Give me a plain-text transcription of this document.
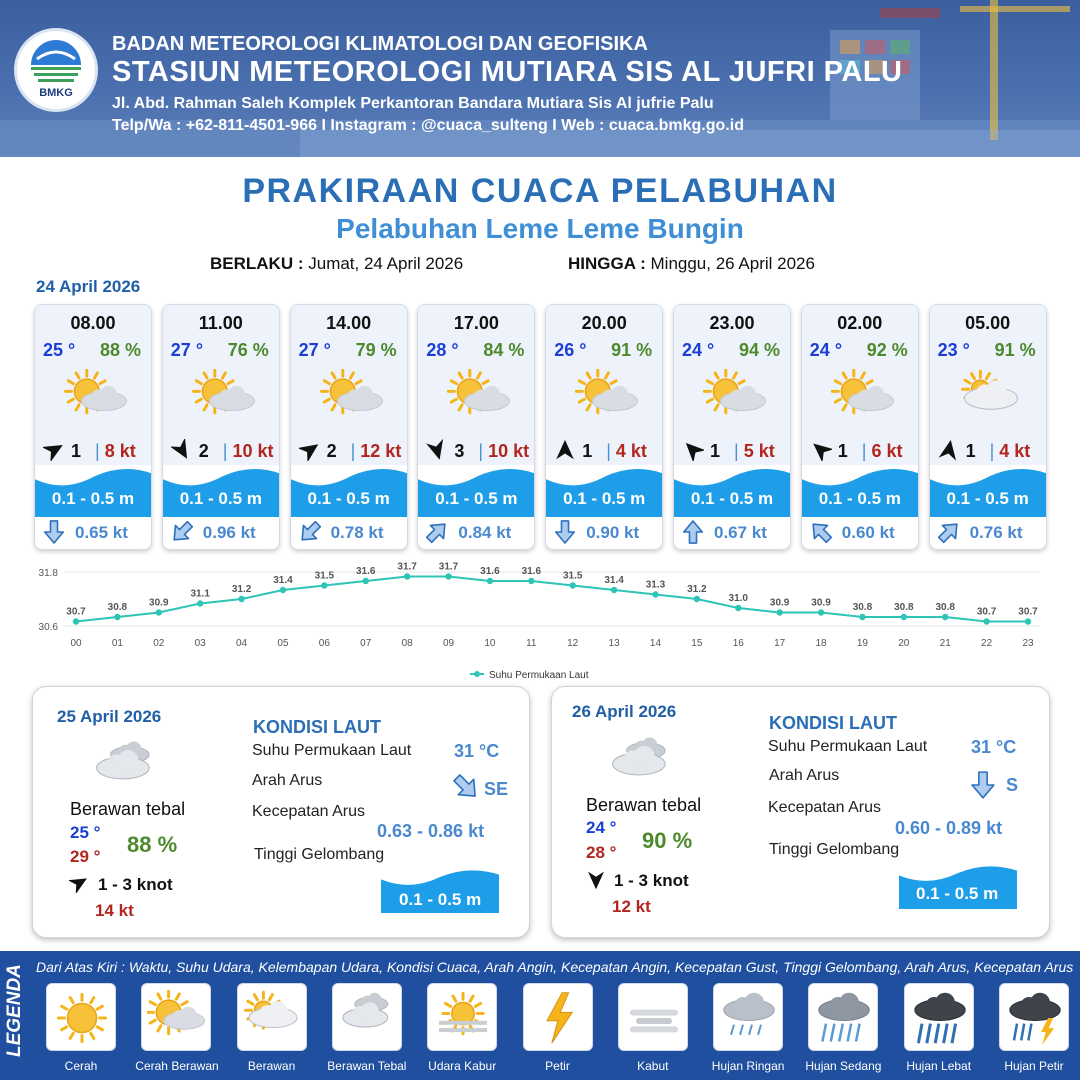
BMKG
BADAN METEOROLOGI KLIMATOLOGI DAN GEOFISIKA
STASIUN METEOROLOGI MUTIARA SIS AL JUFRI PALU
Jl. Abd. Rahman Saleh Komplek Perkantoran Bandara Mutiara Sis Al jufrie Palu
Telp/Wa : +62-811-4501-966 I Instagram : @cuaca_sulteng I Web : cuaca.bmkg.go.id
PRAKIRAAN CUACA PELABUHAN
Pelabuhan Leme Leme Bungin
BERLAKU : Jumat, 24 April 2026	HINGGA : Minggu, 26 April 2026
24 April 2026
08.00
25 ° 88 %
1 | 8 kt
0.1 - 0.5 m
0.65 kt
11.00
27 ° 76 %
2 | 10 kt
0.1 - 0.5 m
0.96 kt
14.00
27 ° 79 %
2 | 12 kt
0.1 - 0.5 m
0.78 kt
17.00
28 ° 84 %
3 | 10 kt
0.1 - 0.5 m
0.84 kt
20.00
26 ° 91 %
1 | 4 kt
0.1 - 0.5 m
0.90 kt
23.00
24 ° 94 %
1 | 5 kt
0.1 - 0.5 m
0.67 kt
02.00
24 ° 92 %
1 | 6 kt
0.1 - 0.5 m
0.60 kt
05.00
23 ° 91 %
1 | 4 kt
0.1 - 0.5 m
0.76 kt
31.8
30.6
30.7
00
30.8
01
30.9
02
31.1
03
31.2
04
31.4
05
31.5
06
31.6
07
31.7
08
31.7
09
31.6
10
31.6
11
31.5
12
31.4
13
31.3
14
31.2
15
31.0
16
30.9
17
30.9
18
30.8
19
30.8
20
30.8
21
30.7
22
30.7
23
Suhu Permukaan Laut
25 April 2026
Berawan tebal
25 °
29 ° 88 %
1 - 3 knot
14 kt
KONDISI LAUT
Suhu Permukaan Laut 31 °C
Arah Arus	SE
Kecepatan Arus
0.63 - 0.86 kt
Tinggi Gelombang
0.1 - 0.5 m
26 April 2026
Berawan tebal
24 °
28 ° 90 %
1 - 3 knot
12 kt
KONDISI LAUT
Suhu Permukaan Laut 31 °C
Arah Arus	S
Kecepatan Arus
0.60 - 0.89 kt
Tinggi Gelombang
0.1 - 0.5 m
LEGENDA Dari Atas Kiri : Waktu, Suhu Udara, Kelembapan Udara, Kondisi Cuaca, Arah Angin, Kecepatan Angin, Kecepatan Gust, Tinggi Gelombang, Arah Arus, Kecepatan Arus
Cerah	Cerah Berawan	Berawan	Berawan Tebal	Udara Kabur	Petir	Kabut	Hujan Ringan	Hujan Sedang	Hujan Lebat	Hujan Petir
